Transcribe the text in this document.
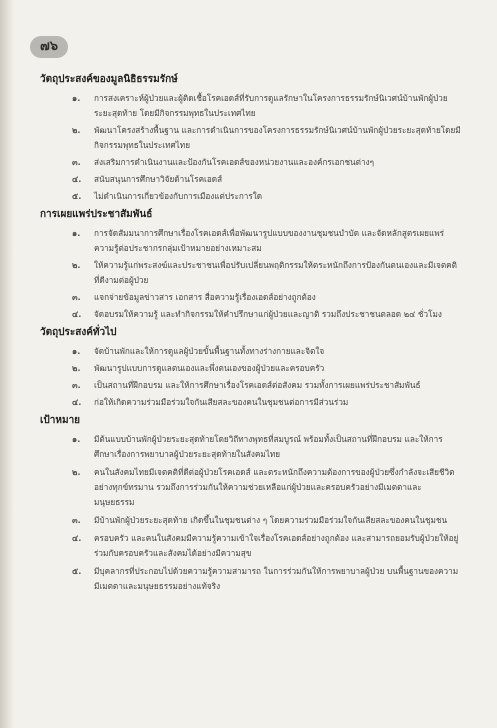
๗๖
วัตถุประสงค์ของมูลนิธิธรรมรักษ์
๑. การสงเคราะห์ผู้ป่วยและผู้ติดเชื้อโรคเอดส์ที่รับการดูแลรักษาในโครงการธรรมรักษ์นิเวศน์บ้านพักผู้ป่วยระยะสุดท้าย โดยมีกิจกรรมพุทธในประเทศไทย
๒. พัฒนาโครงสร้างพื้นฐาน และการดำเนินการของโครงการธรรมรักษ์นิเวศน์บ้านพักผู้ป่วยระยะสุดท้ายโดยมีกิจกรรมพุทธในประเทศไทย
๓. ส่งเสริมการดำเนินงานและป้องกันโรคเอดส์ของหน่วยงานและองค์กรเอกชนต่างๆ
๔. สนับสนุนการศึกษาวิจัยด้านโรคเอดส์
๕. ไม่ดำเนินการเกี่ยวข้องกับการเมืองแต่ประการใด
การเผยแพร่ประชาสัมพันธ์
๑. การจัดสัมมนาการศึกษาเรื่องโรคเอดส์เพื่อพัฒนารูปแบบของงานชุมชนบำบัด และจัดหลักสูตรเผยแพร่ความรู้ต่อประชากรกลุ่มเป้าหมายอย่างเหมาะสม
๒. ให้ความรู้แก่พระสงฆ์และประชาชนเพื่อปรับเปลี่ยนพฤติกรรมให้ตระหนักถึงการป้องกันตนเองและมีเจตคติที่ดีงามต่อผู้ป่วย
๓. แจกจ่ายข้อมูลข่าวสาร เอกสาร สื่อความรู้เรื่องเอดส์อย่างถูกต้อง
๔. จัดอบรมให้ความรู้ และทำกิจกรรมให้คำปรึกษาแก่ผู้ป่วยและญาติ รวมถึงประชาชนตลอด ๒๔ ชั่วโมง
วัตถุประสงค์ทั่วไป
๑. จัดบ้านพักและให้การดูแลผู้ป่วยขั้นพื้นฐานทั้งทางร่างกายและจิตใจ
๒. พัฒนารูปแบบการดูแลตนเองและพึ่งตนเองของผู้ป่วยและครอบครัว
๓. เป็นสถานที่ฝึกอบรม และให้การศึกษาเรื่องโรคเอดส์ต่อสังคม รวมทั้งการเผยแพร่ประชาสัมพันธ์
๔. ก่อให้เกิดความร่วมมือร่วมใจกันเสียสละของคนในชุมชนต่อการมีส่วนร่วม
เป้าหมาย
๑. มีต้นแบบบ้านพักผู้ป่วยระยะสุดท้ายโดยวิถีทางพุทธที่สมบูรณ์ พร้อมทั้งเป็นสถานที่ฝึกอบรม และให้การศึกษาเรื่องการพยาบาลผู้ป่วยระยะสุดท้ายในสังคมไทย
๒. คนในสังคมไทยมีเจตคติที่ดีต่อผู้ป่วยโรคเอดส์ และตระหนักถึงความต้องการของผู้ป่วยซึ่งกำลังจะเสียชีวิตอย่างทุกข์ทรมาน รวมถึงการร่วมกันให้ความช่วยเหลือแก่ผู้ป่วยและครอบครัวอย่างมีเมตตาและมนุษยธรรม
๓. มีบ้านพักผู้ป่วยระยะสุดท้าย เกิดขึ้นในชุมชนต่าง ๆ โดยความร่วมมือร่วมใจกันเสียสละของคนในชุมชน
๔. ครอบครัว และคนในสังคมมีความรู้ความเข้าใจเรื่องโรคเอดส์อย่างถูกต้อง และสามารถยอมรับผู้ป่วยให้อยู่ร่วมกับครอบครัวและสังคมได้อย่างมีความสุข
๕. มีบุคลากรที่ประกอบไปด้วยความรู้ความสามารถ ในการร่วมกันให้การพยาบาลผู้ป่วย บนพื้นฐานของความมีเมตตาและมนุษยธรรมอย่างแท้จริง
